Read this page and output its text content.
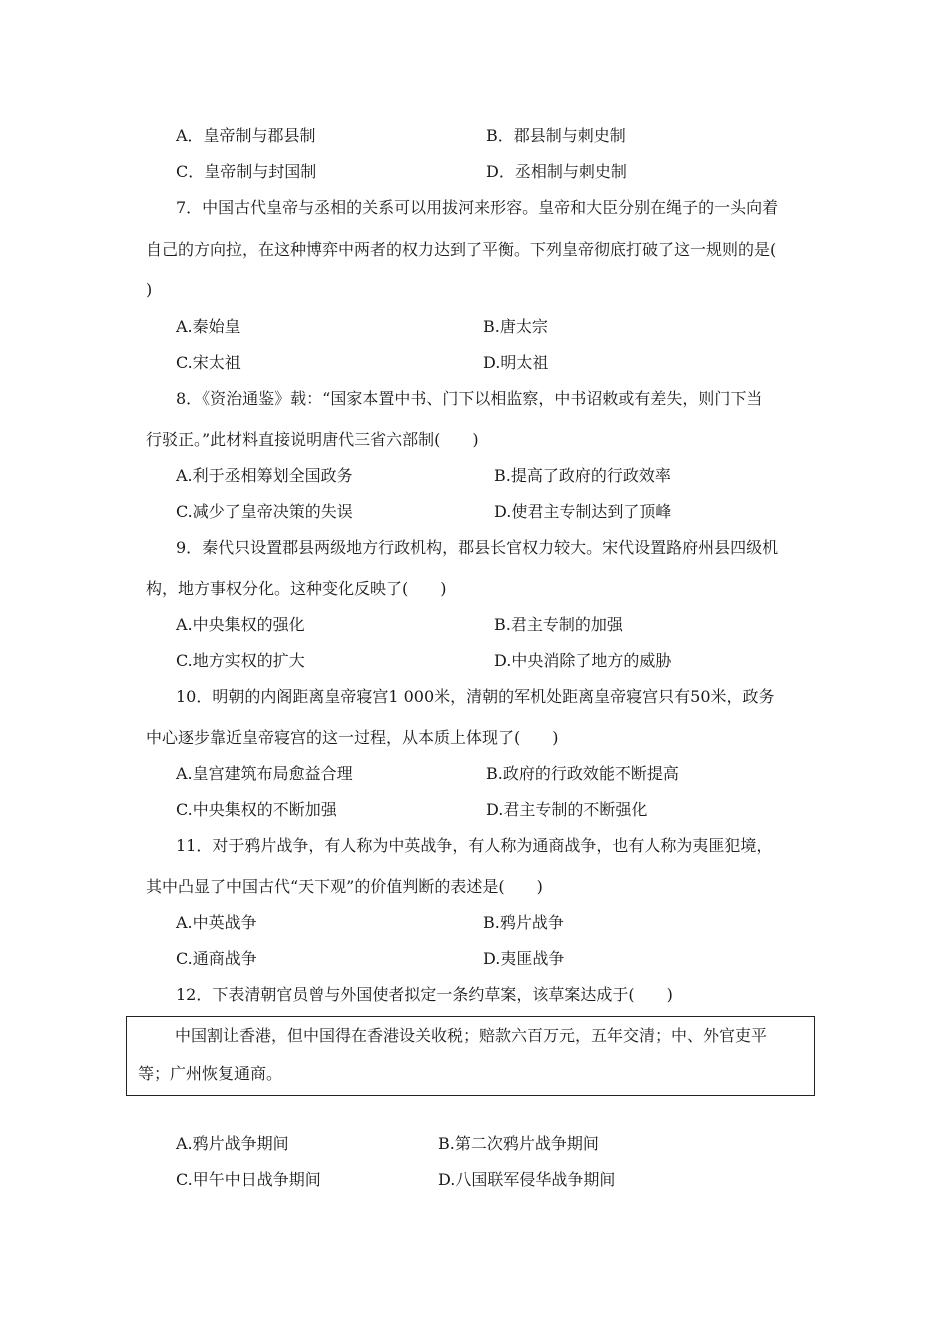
A．皇帝制与郡县制	B．郡县制与刺史制
C．皇帝制与封国制	D．丞相制与刺史制
7．中国古代皇帝与丞相的关系可以用拔河来形容。皇帝和大臣分别在绳子的一头向着
自己的方向拉，在这种博弈中两者的权力达到了平衡。下列皇帝彻底打破了这一规则的是(
)
A.秦始皇	B.唐太宗
C.宋太祖	D.明太祖
8．《资治通鉴》载：“国家本置中书、门下以相监察，中书诏敕或有差失，则门下当
行驳正。”此材料直接说明唐代三省六部制(　　)
A.利于丞相筹划全国政务	B.提高了政府的行政效率
C.减少了皇帝决策的失误	D.使君主专制达到了顶峰
9．秦代只设置郡县两级地方行政机构，郡县长官权力较大。宋代设置路府州县四级机
构，地方事权分化。这种变化反映了(　　)
A.中央集权的强化	B.君主专制的加强
C.地方实权的扩大	D.中央消除了地方的威胁
10．明朝的内阁距离皇帝寝宫1 000米，清朝的军机处距离皇帝寝宫只有50米，政务
中心逐步靠近皇帝寝宫的这一过程，从本质上体现了(　　)
A.皇宫建筑布局愈益合理	B.政府的行政效能不断提高
C.中央集权的不断加强	D.君主专制的不断强化
11．对于鸦片战争，有人称为中英战争，有人称为通商战争，也有人称为夷匪犯境，
其中凸显了中国古代“天下观”的价值判断的表述是(　　)
A.中英战争	B.鸦片战争
C.通商战争	D.夷匪战争
12．下表清朝官员曾与外国使者拟定一条约草案，该草案达成于(　　)
中国割让香港，但中国得在香港设关收税；赔款六百万元，五年交清；中、外官吏平
等；广州恢复通商。
A.鸦片战争期间	B.第二次鸦片战争期间
C.甲午中日战争期间	D.八国联军侵华战争期间
